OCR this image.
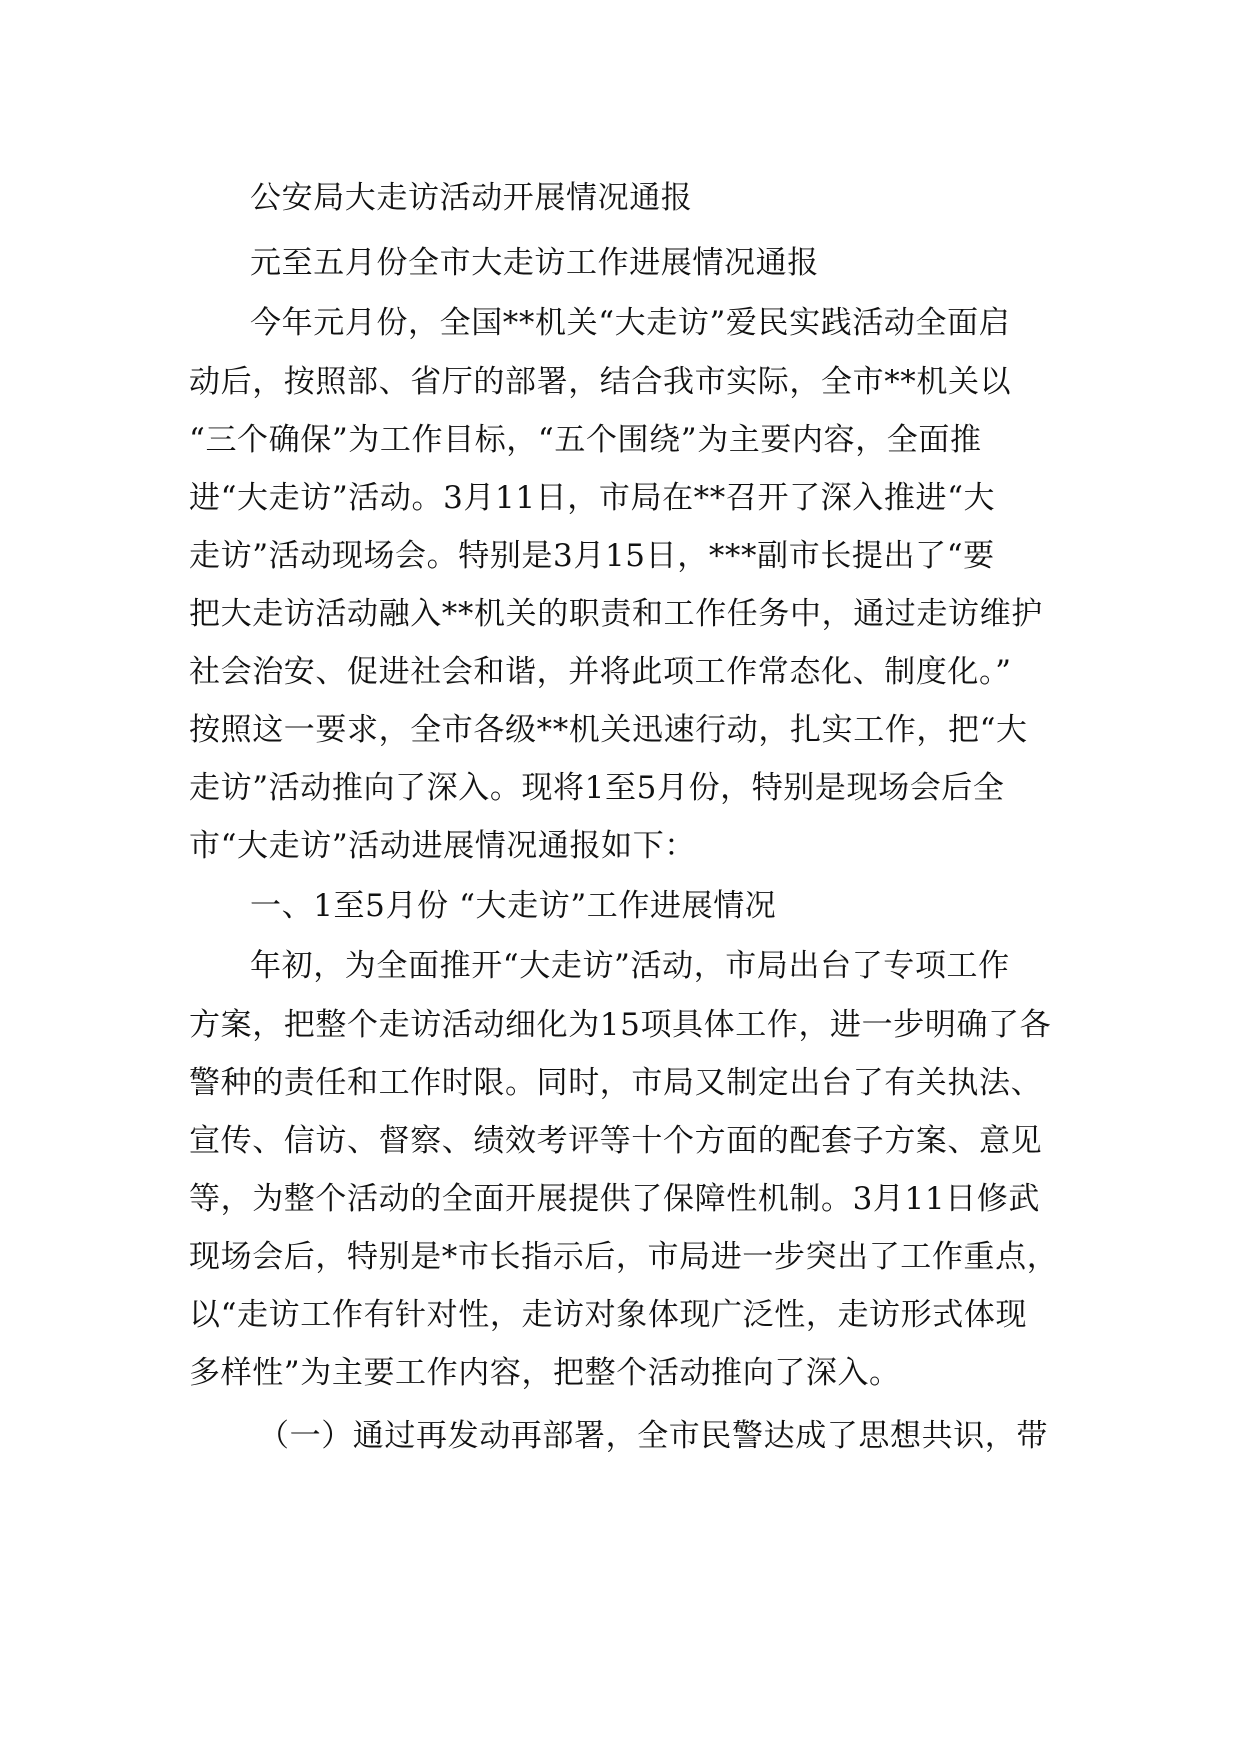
公安局大走访活动开展情况通报
元至五月份全市大走访工作进展情况通报
今年元月份，全国**机关“大走访”爱民实践活动全面启
动后，按照部、省厅的部署，结合我市实际，全市**机关以
“三个确保”为工作目标，“五个围绕”为主要内容，全面推
进“大走访”活动。3月11日，市局在**召开了深入推进“大
走访”活动现场会。特别是3月15日，***副市长提出了“要
把大走访活动融入**机关的职责和工作任务中，通过走访维护
社会治安、促进社会和谐，并将此项工作常态化、制度化。”
按照这一要求，全市各级**机关迅速行动，扎实工作，把“大
走访”活动推向了深入。现将1至5月份，特别是现场会后全
市“大走访”活动进展情况通报如下：
一、1至5月份 “大走访”工作进展情况
年初，为全面推开“大走访”活动，市局出台了专项工作
方案，把整个走访活动细化为15项具体工作，进一步明确了各
警种的责任和工作时限。同时，市局又制定出台了有关执法、
宣传、信访、督察、绩效考评等十个方面的配套子方案、意见
等，为整个活动的全面开展提供了保障性机制。3月11日修武
现场会后，特别是*市长指示后，市局进一步突出了工作重点，
以“走访工作有针对性，走访对象体现广泛性，走访形式体现
多样性”为主要工作内容，把整个活动推向了深入。
（一）通过再发动再部署，全市民警达成了思想共识，带
